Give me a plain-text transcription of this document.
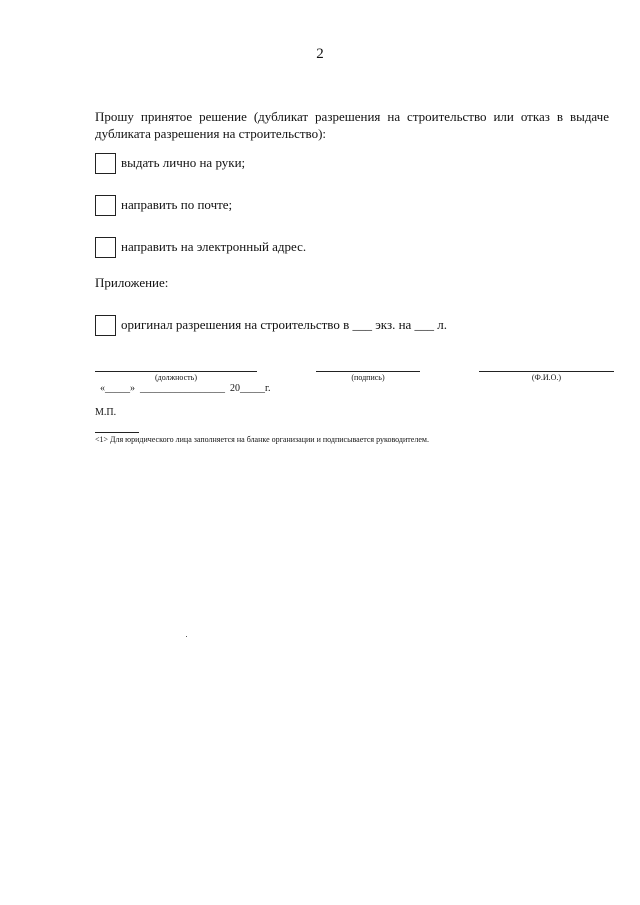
2
Прошу принятое решение (дубликат разрешения на строительство или отказ в выдаче дубликата разрешения на строительство):
выдать лично на руки;
направить по почте;
направить на электронный адрес.
Приложение:
оригинал разрешения на строительство в ___ экз. на ___ л.
(должность)	(подпись)	(Ф.И.О.)
«_____»  _________________  20_____г.
М.П.
<1> Для юридического лица заполняется на бланке организации и подписывается руководителем.
